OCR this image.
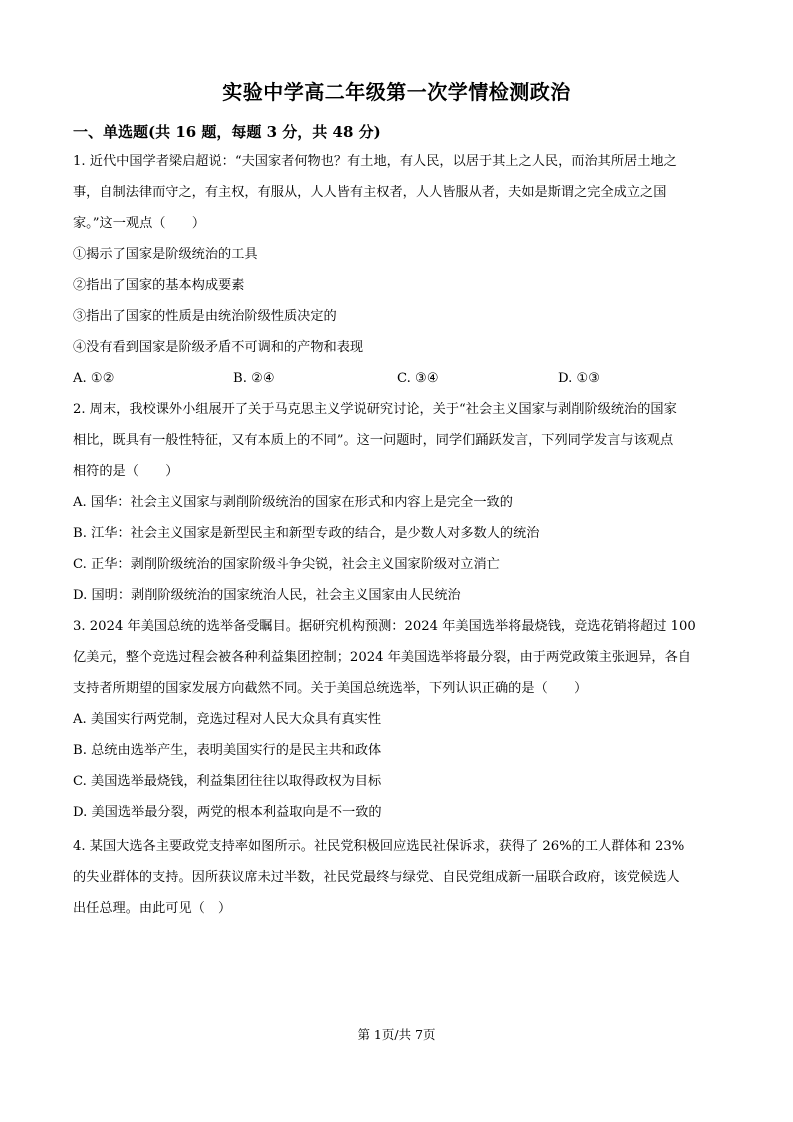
实验中学高二年级第一次学情检测政治
一、单选题(共 16 题，每题 3 分，共 48 分)
1. 近代中国学者梁启超说：“夫国家者何物也？有土地，有人民，以居于其上之人民，而治其所居土地之
事，自制法律而守之，有主权，有服从，人人皆有主权者，人人皆服从者，夫如是斯谓之完全成立之国
家。”这一观点（　　）
①揭示了国家是阶级统治的工具
②指出了国家的基本构成要素
③指出了国家的性质是由统治阶级性质决定的
④没有看到国家是阶级矛盾不可调和的产物和表现
A. ①②	B. ②④	C. ③④	D. ①③
2. 周末，我校课外小组展开了关于马克思主义学说研究讨论，关于“社会主义国家与剥削阶级统治的国家
相比，既具有一般性特征，又有本质上的不同”。这一问题时，同学们踊跃发言，下列同学发言与该观点
相符的是（　　）
A. 国华：社会主义国家与剥削阶级统治的国家在形式和内容上是完全一致的
B. 江华：社会主义国家是新型民主和新型专政的结合，是少数人对多数人的统治
C. 正华：剥削阶级统治的国家阶级斗争尖锐，社会主义国家阶级对立消亡
D. 国明：剥削阶级统治的国家统治人民，社会主义国家由人民统治
3. 2024 年美国总统的选举备受瞩目。据研究机构预测：2024 年美国选举将最烧钱，竞选花销将超过 100
亿美元，整个竞选过程会被各种利益集团控制；2024 年美国选举将最分裂，由于两党政策主张迥异，各自
支持者所期望的国家发展方向截然不同。关于美国总统选举，下列认识正确的是（　　）
A. 美国实行两党制，竞选过程对人民大众具有真实性
B. 总统由选举产生，表明美国实行的是民主共和政体
C. 美国选举最烧钱，利益集团往往以取得政权为目标
D. 美国选举最分裂，两党的根本利益取向是不一致的
4. 某国大选各主要政党支持率如图所示。社民党积极回应选民社保诉求，获得了 26%的工人群体和 23%
的失业群体的支持。因所获议席未过半数，社民党最终与绿党、自民党组成新一届联合政府，该党候选人
出任总理。由此可见（　）
第 1页/共 7页
